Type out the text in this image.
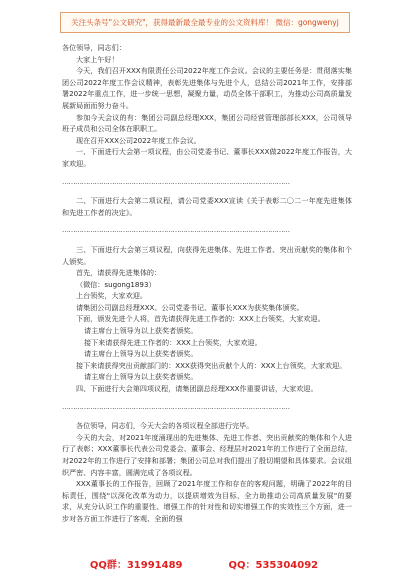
关注头条号"公文研究"，获得最新最全最专业的公文资料库！ 微信：gongwenyj

各位领导，同志们：

大家上午好！

今天，我们召开XXX有限责任公司2022年度工作会议。会议的主要任务是：贯彻落实集团公司2022年度工作会议精神，表彰先进集体与先进个人，总结公司2021年工作，安排部署2022年重点工作，进一步统一思想，凝聚力量，动员全体干部职工，为推动公司高质量发展新局面而努力奋斗。

参加今天会议的有：集团公司副总经理XXX，集团公司经营管理部部长XXX，公司领导班子成员和公司全体在职职工。

现在召开XXX公司2022年度工作会议。

一、下面进行大会第一项议程，由公司党委书记、董事长XXX做2022年度工作报告，大家欢迎。

……………………………………………………………………………………………

二、下面进行大会第二项议程，请公司党委XXX宣读《关于表彰二〇二一年度先进集体和先进工作者的决定》。

……………………………………………………………………………………………

三、下面进行大会第三项议程，向获得先进集体、先进工作者、突出贡献奖的集体和个人颁奖。

首先，请获得先进集体的：

（微信：sugong1893）

上台领奖，大家欢迎。

请集团公司副总经理XXX、公司党委书记、董事长XXX为获奖集体颁奖。

下面，颁发先进个人将，首先请获得先进工作者的：XXX上台领奖，大家欢迎。

请主席台上领导为以上获奖者颁奖。

接下来请获得先进工作者的：XXX上台领奖，大家欢迎。

请主席台上领导为以上获奖者颁奖。

接下来请获得突出贡献部门的：XXX获得突出贡献个人的：XXX上台领奖，大家欢迎。

请主席台上领导为以上获奖者颁奖。

四、下面进行大会第四项议程，请集团副总经理XXX作重要讲话，大家欢迎。

……………………………………………………………………………………………

各位领导，同志们，今天大会的各项议程全部进行完毕。

今天的大会，对2021年度涌现出的先进集体、先进工作者、突出贡献奖的集体和个人进行了表彰；XXX董事长代表公司党委会、董事会、经理层对2021年的工作进行了全面总结，对2022年的工作进行了安排和部署；集团公司总对我们提出了殷切期望和具体要求。会议组织严密、内容丰富，圆满完成了各项议程。

XXX董事长的工作报告，回顾了2021年度工作和存在的客观问题，明确了2022年的目标责任，围绕"以深化改革为动力，以提质增效为目标，全力助推动公司高质量发展"的要求，从充分认识工作的重要性、增强工作的针对性和切实增强工作的实效性三个方面，进一步对各方面工作进行了客观、全面的强

QQ群：31991489	QQ：535304092
